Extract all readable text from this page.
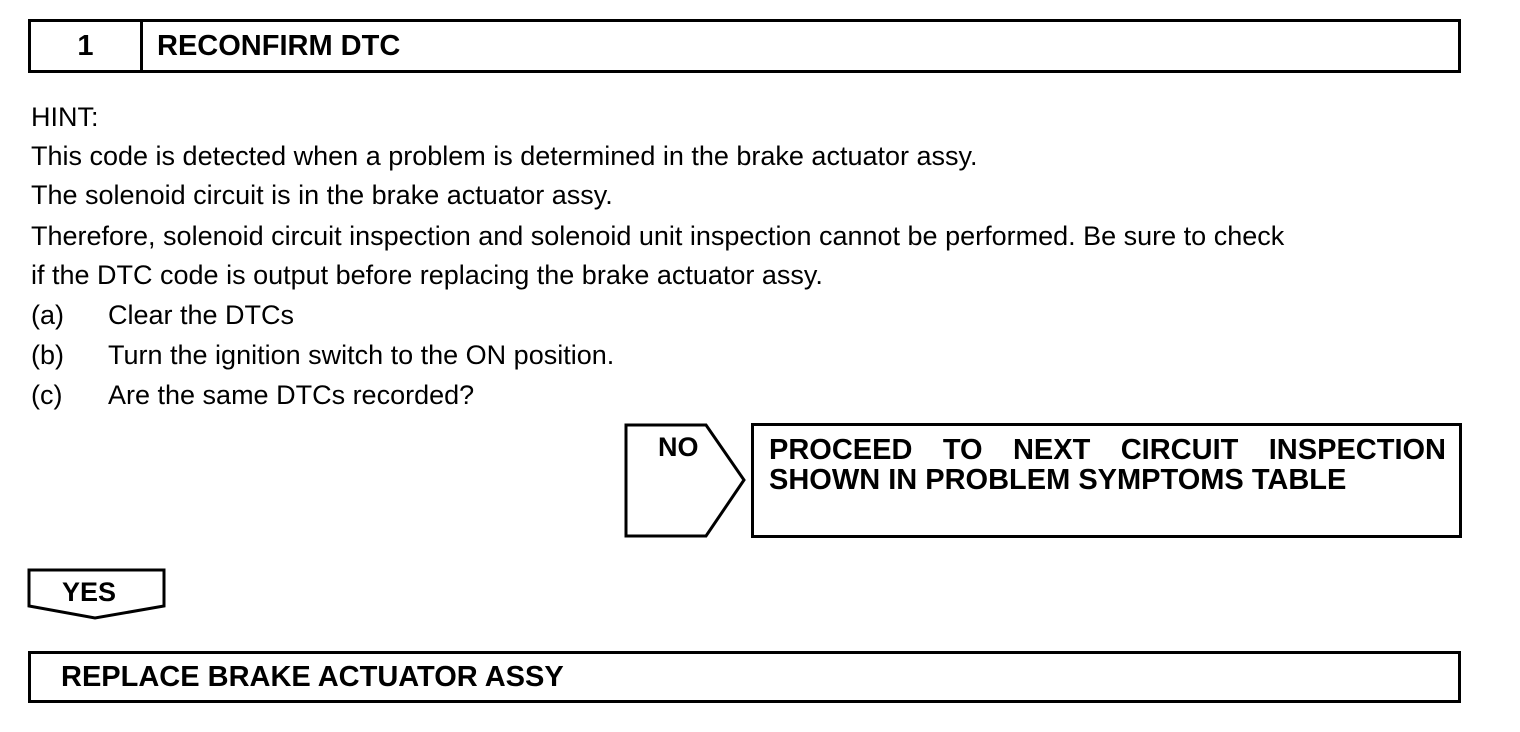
1	RECONFIRM DTC
HINT:
This code is detected when a problem is determined in the brake actuator assy.
The solenoid circuit is in the brake actuator assy.
Therefore, solenoid circuit inspection and solenoid unit inspection cannot be performed. Be sure to check
if the DTC code is output before replacing the brake actuator assy.
(a) Clear the DTCs
(b) Turn the ignition switch to the ON position.
(c) Are the same DTCs recorded?
NO PROCEED TO NEXT CIRCUIT INSPECTION SHOWN IN PROBLEM SYMPTOMS TABLE
YES
REPLACE BRAKE ACTUATOR ASSY
